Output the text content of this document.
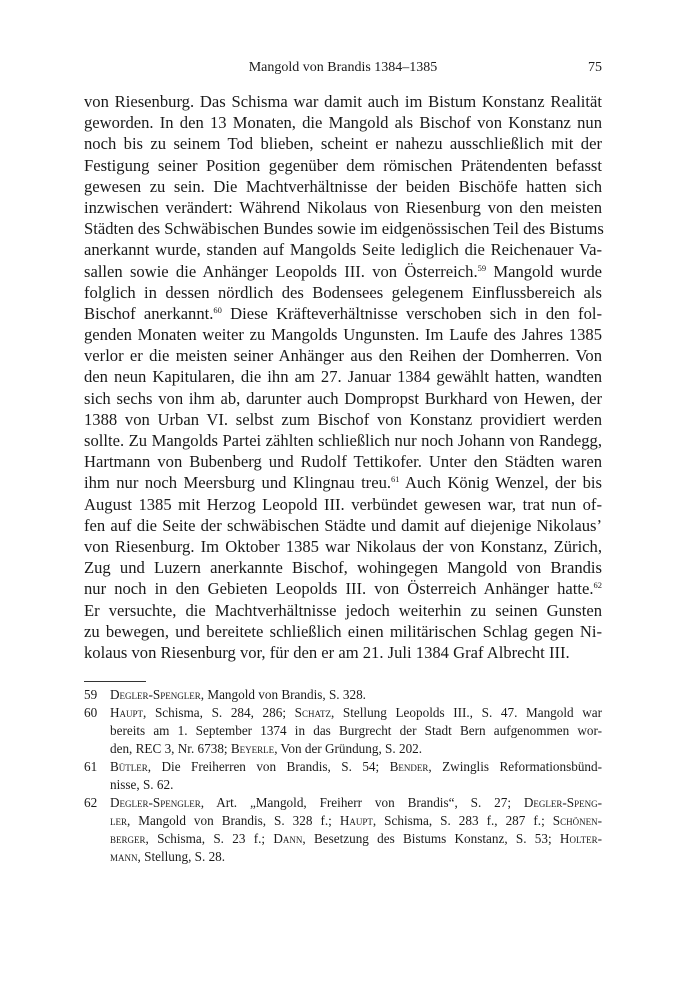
Mangold von Brandis 1384–1385	75
von Riesenburg. Das Schisma war damit auch im Bistum Konstanz Realität
geworden. In den 13 Monaten, die Mangold als Bischof von Konstanz nun
noch bis zu seinem Tod blieben, scheint er nahezu ausschließlich mit der
Festigung seiner Position gegenüber dem römischen Prätendenten befasst
gewesen zu sein. Die Machtverhältnisse der beiden Bischöfe hatten sich
inzwischen verändert: Während Nikolaus von Riesenburg von den meisten
Städten des Schwäbischen Bundes sowie im eidgenössischen Teil des Bistums
anerkannt wurde, standen auf Mangolds Seite lediglich die Reichenauer Va-
sallen sowie die Anhänger Leopolds III. von Österreich.$^{59}$ Mangold wurde
folglich in dessen nördlich des Bodensees gelegenem Einflussbereich als
Bischof anerkannt.$^{60}$ Diese Kräfteverhältnisse verschoben sich in den fol-
genden Monaten weiter zu Mangolds Ungunsten. Im Laufe des Jahres 1385
verlor er die meisten seiner Anhänger aus den Reihen der Domherren. Von
den neun Kapitularen, die ihn am 27. Januar 1384 gewählt hatten, wandten
sich sechs von ihm ab, darunter auch Dompropst Burkhard von Hewen, der
1388 von Urban VI. selbst zum Bischof von Konstanz providiert werden
sollte. Zu Mangolds Partei zählten schließlich nur noch Johann von Randegg,
Hartmann von Bubenberg und Rudolf Tettikofer. Unter den Städten waren
ihm nur noch Meersburg und Klingnau treu.$^{61}$ Auch König Wenzel, der bis
August 1385 mit Herzog Leopold III. verbündet gewesen war, trat nun of-
fen auf die Seite der schwäbischen Städte und damit auf diejenige Nikolaus’
von Riesenburg. Im Oktober 1385 war Nikolaus der von Konstanz, Zürich,
Zug und Luzern anerkannte Bischof, wohingegen Mangold von Brandis
nur noch in den Gebieten Leopolds III. von Österreich Anhänger hatte.$^{62}$
Er versuchte, die Machtverhältnisse jedoch weiterhin zu seinen Gunsten
zu bewegen, und bereitete schließlich einen militärischen Schlag gegen Ni-
kolaus von Riesenburg vor, für den er am 21. Juli 1384 Graf Albrecht III.
59 Degler-Spengler, Mangold von Brandis, S. 328.
60 Haupt, Schisma, S. 284, 286; Schatz, Stellung Leopolds III., S. 47. Mangold war
bereits am 1. September 1374 in das Burgrecht der Stadt Bern aufgenommen wor-
den, REC 3, Nr. 6738; Beyerle, Von der Gründung, S. 202.
61 Bütler, Die Freiherren von Brandis, S. 54; Bender, Zwinglis Reformationsbünd-
nisse, S. 62.
62 Degler-Spengler, Art. „Mangold, Freiherr von Brandis“, S. 27; Degler-Speng-
ler, Mangold von Brandis, S. 328 f.; Haupt, Schisma, S. 283 f., 287 f.; Schönen-
berger, Schisma, S. 23 f.; Dann, Besetzung des Bistums Konstanz, S. 53; Holter-
mann, Stellung, S. 28.
